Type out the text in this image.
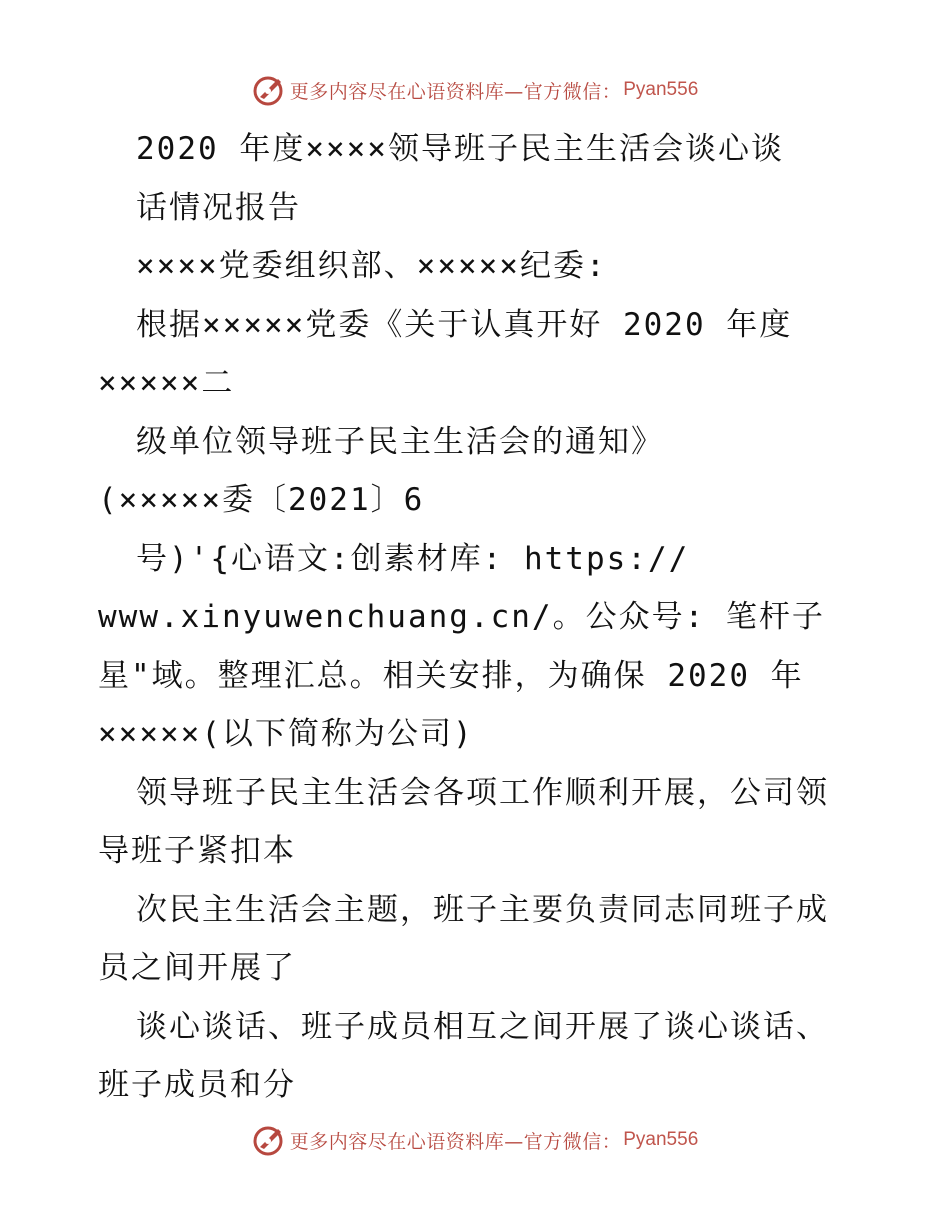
更多内容尽在心语资料库—官方微信： Pyan556
2020 年度××××领导班子民主生活会谈心谈
话情况报告
××××党委组织部、×××××纪委:
根据×××××党委《关于认真开好 2020 年度
×××××二
级单位领导班子民主生活会的通知》
(×××××委〔2021〕6
号)'{心语文:创素材库: https://
www.xinyuwenchuang.cn/。公众号: 笔杆子
星"域。整理汇总。相关安排，为确保 2020 年
×××××(以下简称为公司)
领导班子民主生活会各项工作顺利开展，公司领
导班子紧扣本
次民主生活会主题，班子主要负责同志同班子成
员之间开展了
谈心谈话、班子成员相互之间开展了谈心谈话、
班子成员和分
更多内容尽在心语资料库—官方微信： Pyan556
